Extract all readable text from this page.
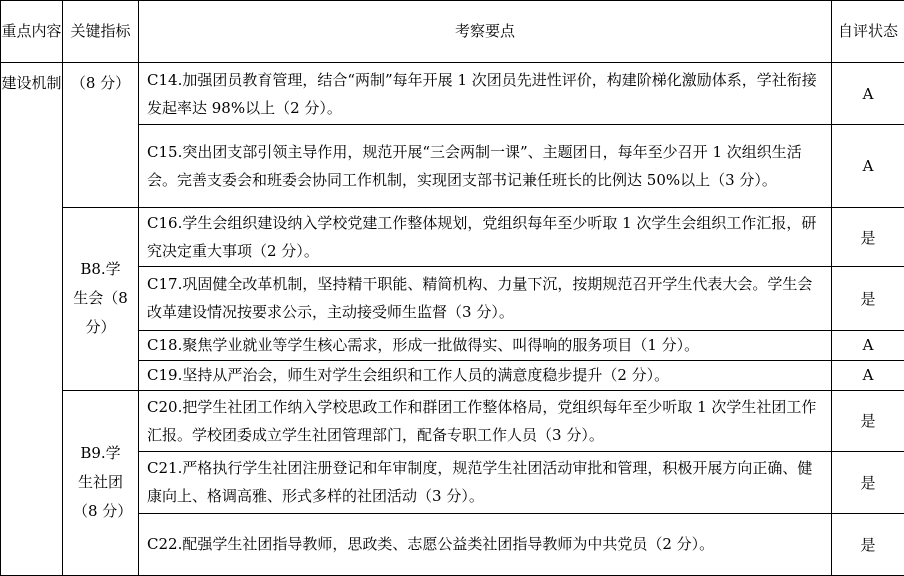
重点内容	关键指标	考察要点	自评状态
建设机制	（8 分）	C14.加强团员教育管理，结合“两制”每年开展 1 次团员先进性评价，构建阶梯化激励体系，学社衔接发起率达 98%以上（2 分）。	A
		C15.突出团支部引领主导作用，规范开展“三会两制一课”、主题团日，每年至少召开 1 次组织生活会。完善支委会和班委会协同工作机制，实现团支部书记兼任班长的比例达 50%以上（3 分）。	A
	B8.学生会（8 分）	C16.学生会组织建设纳入学校党建工作整体规划，党组织每年至少听取 1 次学生会组织工作汇报，研究决定重大事项（2 分）。	是
		C17.巩固健全改革机制，坚持精干职能、精简机构、力量下沉，按期规范召开学生代表大会。学生会改革建设情况按要求公示，主动接受师生监督（3 分）。	是
		C18.聚焦学业就业等学生核心需求，形成一批做得实、叫得响的服务项目（1 分）。	A
		C19.坚持从严治会，师生对学生会组织和工作人员的满意度稳步提升（2 分）。	A
	B9.学生社团（8 分）	C20.把学生社团工作纳入学校思政工作和群团工作整体格局，党组织每年至少听取 1 次学生社团工作汇报。学校团委成立学生社团管理部门，配备专职工作人员（3 分）。	是
		C21.严格执行学生社团注册登记和年审制度，规范学生社团活动审批和管理，积极开展方向正确、健康向上、格调高雅、形式多样的社团活动（3 分）。	是
		C22.配强学生社团指导教师，思政类、志愿公益类社团指导教师为中共党员（2 分）。	是
